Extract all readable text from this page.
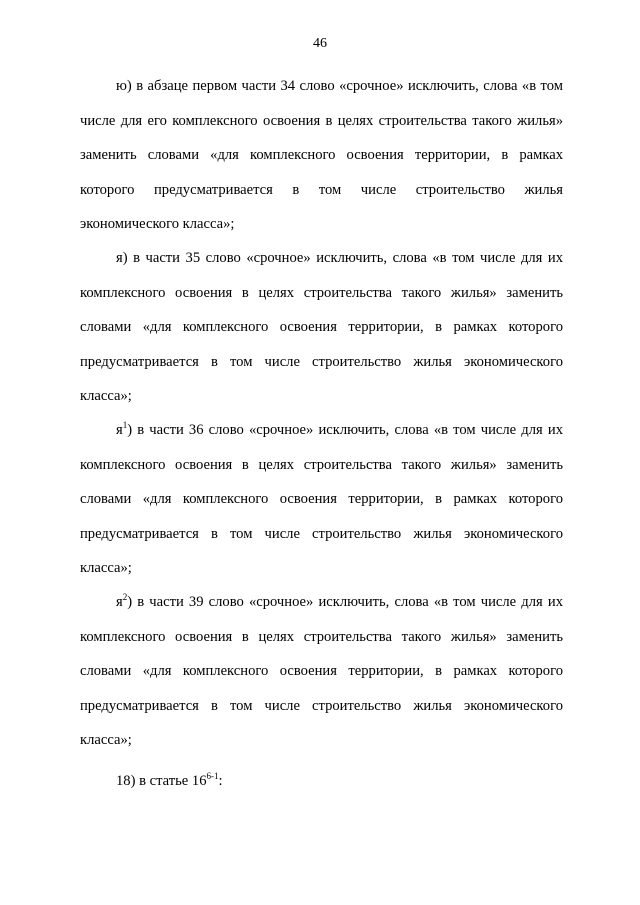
46

ю) в абзаце первом части 34 слово «срочное» исключить, слова «в том числе для его комплексного освоения в целях строительства такого жилья» заменить словами «для комплексного освоения территории, в рамках которого предусматривается в том числе строительство жилья экономического класса»;

я) в части 35 слово «срочное» исключить, слова «в том числе для их комплексного освоения в целях строительства такого жилья» заменить словами «для комплексного освоения территории, в рамках которого предусматривается в том числе строительство жилья экономического класса»;

$я^1$) в части 36 слово «срочное» исключить, слова «в том числе для их комплексного освоения в целях строительства такого жилья» заменить словами «для комплексного освоения территории, в рамках которого предусматривается в том числе строительство жилья экономического класса»;

$я^2$) в части 39 слово «срочное» исключить, слова «в том числе для их комплексного освоения в целях строительства такого жилья» заменить словами «для комплексного освоения территории, в рамках которого предусматривается в том числе строительство жилья экономического класса»;

18) в статье 16$^{6-1}$:
